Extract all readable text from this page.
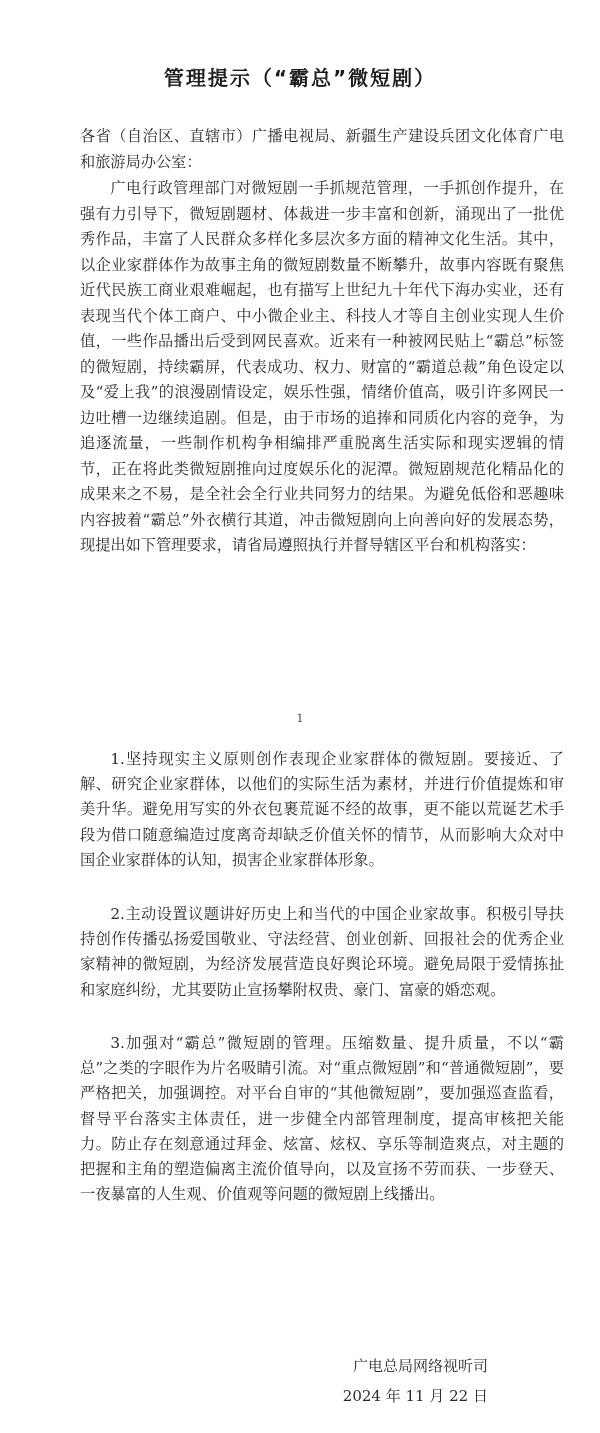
管理提示（“霸总”微短剧）
各省（自治区、直辖市）广播电视局、新疆生产建设兵团文化体育广电和旅游局办公室：
广电行政管理部门对微短剧一手抓规范管理，一手抓创作提升，在强有力引导下，微短剧题材、体裁进一步丰富和创新，涌现出了一批优秀作品，丰富了人民群众多样化多层次多方面的精神文化生活。其中，以企业家群体作为故事主角的微短剧数量不断攀升，故事内容既有聚焦近代民族工商业艰难崛起，也有描写上世纪九十年代下海办实业，还有表现当代个体工商户、中小微企业主、科技人才等自主创业实现人生价值，一些作品播出后受到网民喜欢。近来有一种被网民贴上“霸总”标签的微短剧，持续霸屏，代表成功、权力、财富的“霸道总裁”角色设定以及“爱上我”的浪漫剧情设定，娱乐性强，情绪价值高，吸引许多网民一边吐槽一边继续追剧。但是，由于市场的追捧和同质化内容的竞争，为追逐流量，一些制作机构争相编排严重脱离生活实际和现实逻辑的情节，正在将此类微短剧推向过度娱乐化的泥潭。微短剧规范化精品化的成果来之不易，是全社会全行业共同努力的结果。为避免低俗和恶趣味内容披着“霸总”外衣横行其道，冲击微短剧向上向善向好的发展态势，现提出如下管理要求，请省局遵照执行并督导辖区平台和机构落实：
1
1.坚持现实主义原则创作表现企业家群体的微短剧。要接近、了解、研究企业家群体，以他们的实际生活为素材，并进行价值提炼和审美升华。避免用写实的外衣包裹荒诞不经的故事，更不能以荒诞艺术手段为借口随意编造过度离奇却缺乏价值关怀的情节，从而影响大众对中国企业家群体的认知，损害企业家群体形象。
2.主动设置议题讲好历史上和当代的中国企业家故事。积极引导扶持创作传播弘扬爱国敬业、守法经营、创业创新、回报社会的优秀企业家精神的微短剧，为经济发展营造良好舆论环境。避免局限于爱情拣扯和家庭纠纷，尤其要防止宣扬攀附权贵、豪门、富豪的婚恋观。
3.加强对“霸总”微短剧的管理。压缩数量、提升质量，不以“霸总”之类的字眼作为片名吸睛引流。对“重点微短剧”和“普通微短剧”，要严格把关，加强调控。对平台自审的“其他微短剧”，要加强巡查监看，督导平台落实主体责任，进一步健全内部管理制度，提高审核把关能力。防止存在刻意通过拜金、炫富、炫权、享乐等制造爽点，对主题的把握和主角的塑造偏离主流价值导向，以及宣扬不劳而获、一步登天、一夜暴富的人生观、价值观等问题的微短剧上线播出。
广电总局网络视听司
2024 年 11 月 22 日
